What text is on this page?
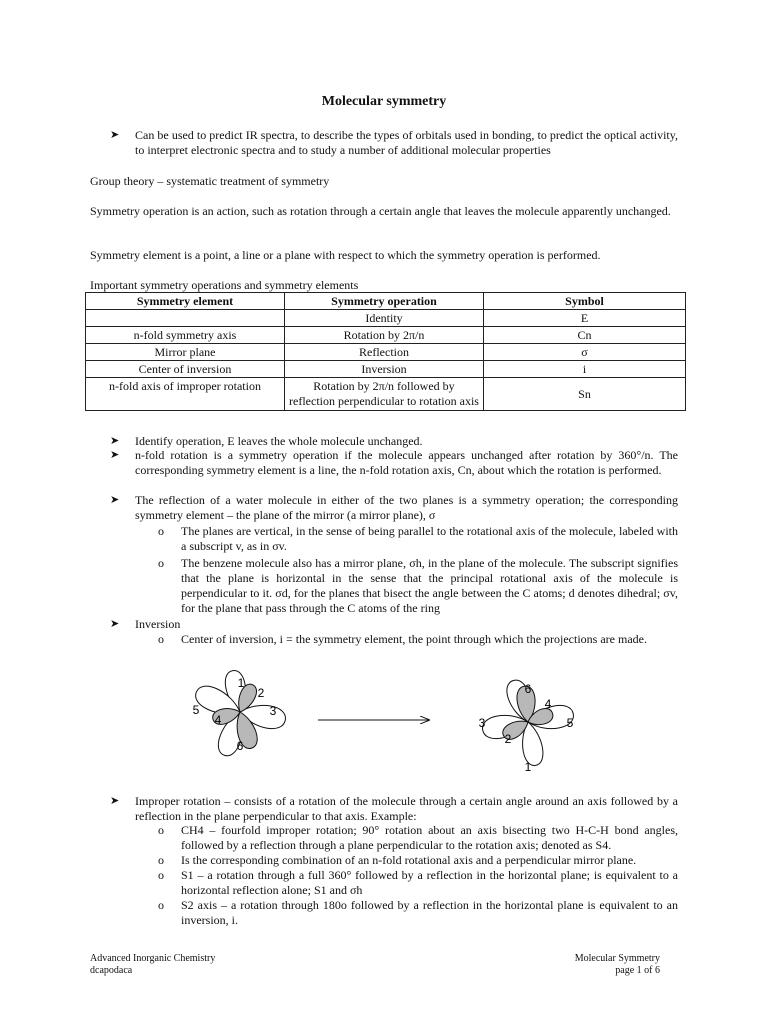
Molecular symmetry
➤	Can be used to predict IR spectra, to describe the types of orbitals used in bonding, to predict the optical activity, to interpret electronic spectra and to study a number of additional molecular properties
Group theory – systematic treatment of symmetry
Symmetry operation is an action, such as rotation through a certain angle that leaves the molecule apparently unchanged.
Symmetry element is a point, a line or a plane with respect to which the symmetry operation is performed.
Important symmetry operations and symmetry elements
Symmetry element	Symmetry operation	Symbol
	Identity	E
n-fold symmetry axis	Rotation by 2π/n	Cn
Mirror plane	Reflection	σ
Center of inversion	Inversion	i
n-fold axis of improper rotation	Rotation by 2π/n followed by reflection perpendicular to rotation axis	Sn
➤	Identify operation, E leaves the whole molecule unchanged.
➤	n-fold rotation is a symmetry operation if the molecule appears unchanged after rotation by 360°/n. The corresponding symmetry element is a line, the n-fold rotation axis, Cn, about which the rotation is performed.
➤	The reflection of a water molecule in either of the two planes is a symmetry operation; the corresponding symmetry element – the plane of the mirror (a mirror plane), σ
o	The planes are vertical, in the sense of being parallel to the rotational axis of the molecule, labeled with a subscript v, as in σv.
o	The benzene molecule also has a mirror plane, σh, in the plane of the molecule. The subscript signifies that the plane is horizontal in the sense that the principal rotational axis of the molecule is perpendicular to it. σd, for the planes that bisect the angle between the C atoms; d denotes dihedral; σv, for the plane that pass through the C atoms of the ring
➤	Inversion
o	Center of inversion, i = the symmetry element, the point through which the projections are made.
1
2
3
4
5
6
6
4
5
2
3
1
➤	Improper rotation – consists of a rotation of the molecule through a certain angle around an axis followed by a reflection in the plane perpendicular to that axis. Example:
o	CH4 – fourfold improper rotation; 90° rotation about an axis bisecting two H-C-H bond angles, followed by a reflection through a plane perpendicular to the rotation axis; denoted as S4.
o	Is the corresponding combination of an n-fold rotational axis and a perpendicular mirror plane.
o	S1 – a rotation through a full 360° followed by a reflection in the horizontal plane; is equivalent to a horizontal reflection alone; S1 and σh
o	S2 axis – a rotation through 180o followed by a reflection in the horizontal plane is equivalent to an inversion, i.
Advanced Inorganic Chemistry
dcapodaca
Molecular Symmetry
page 1 of 6
